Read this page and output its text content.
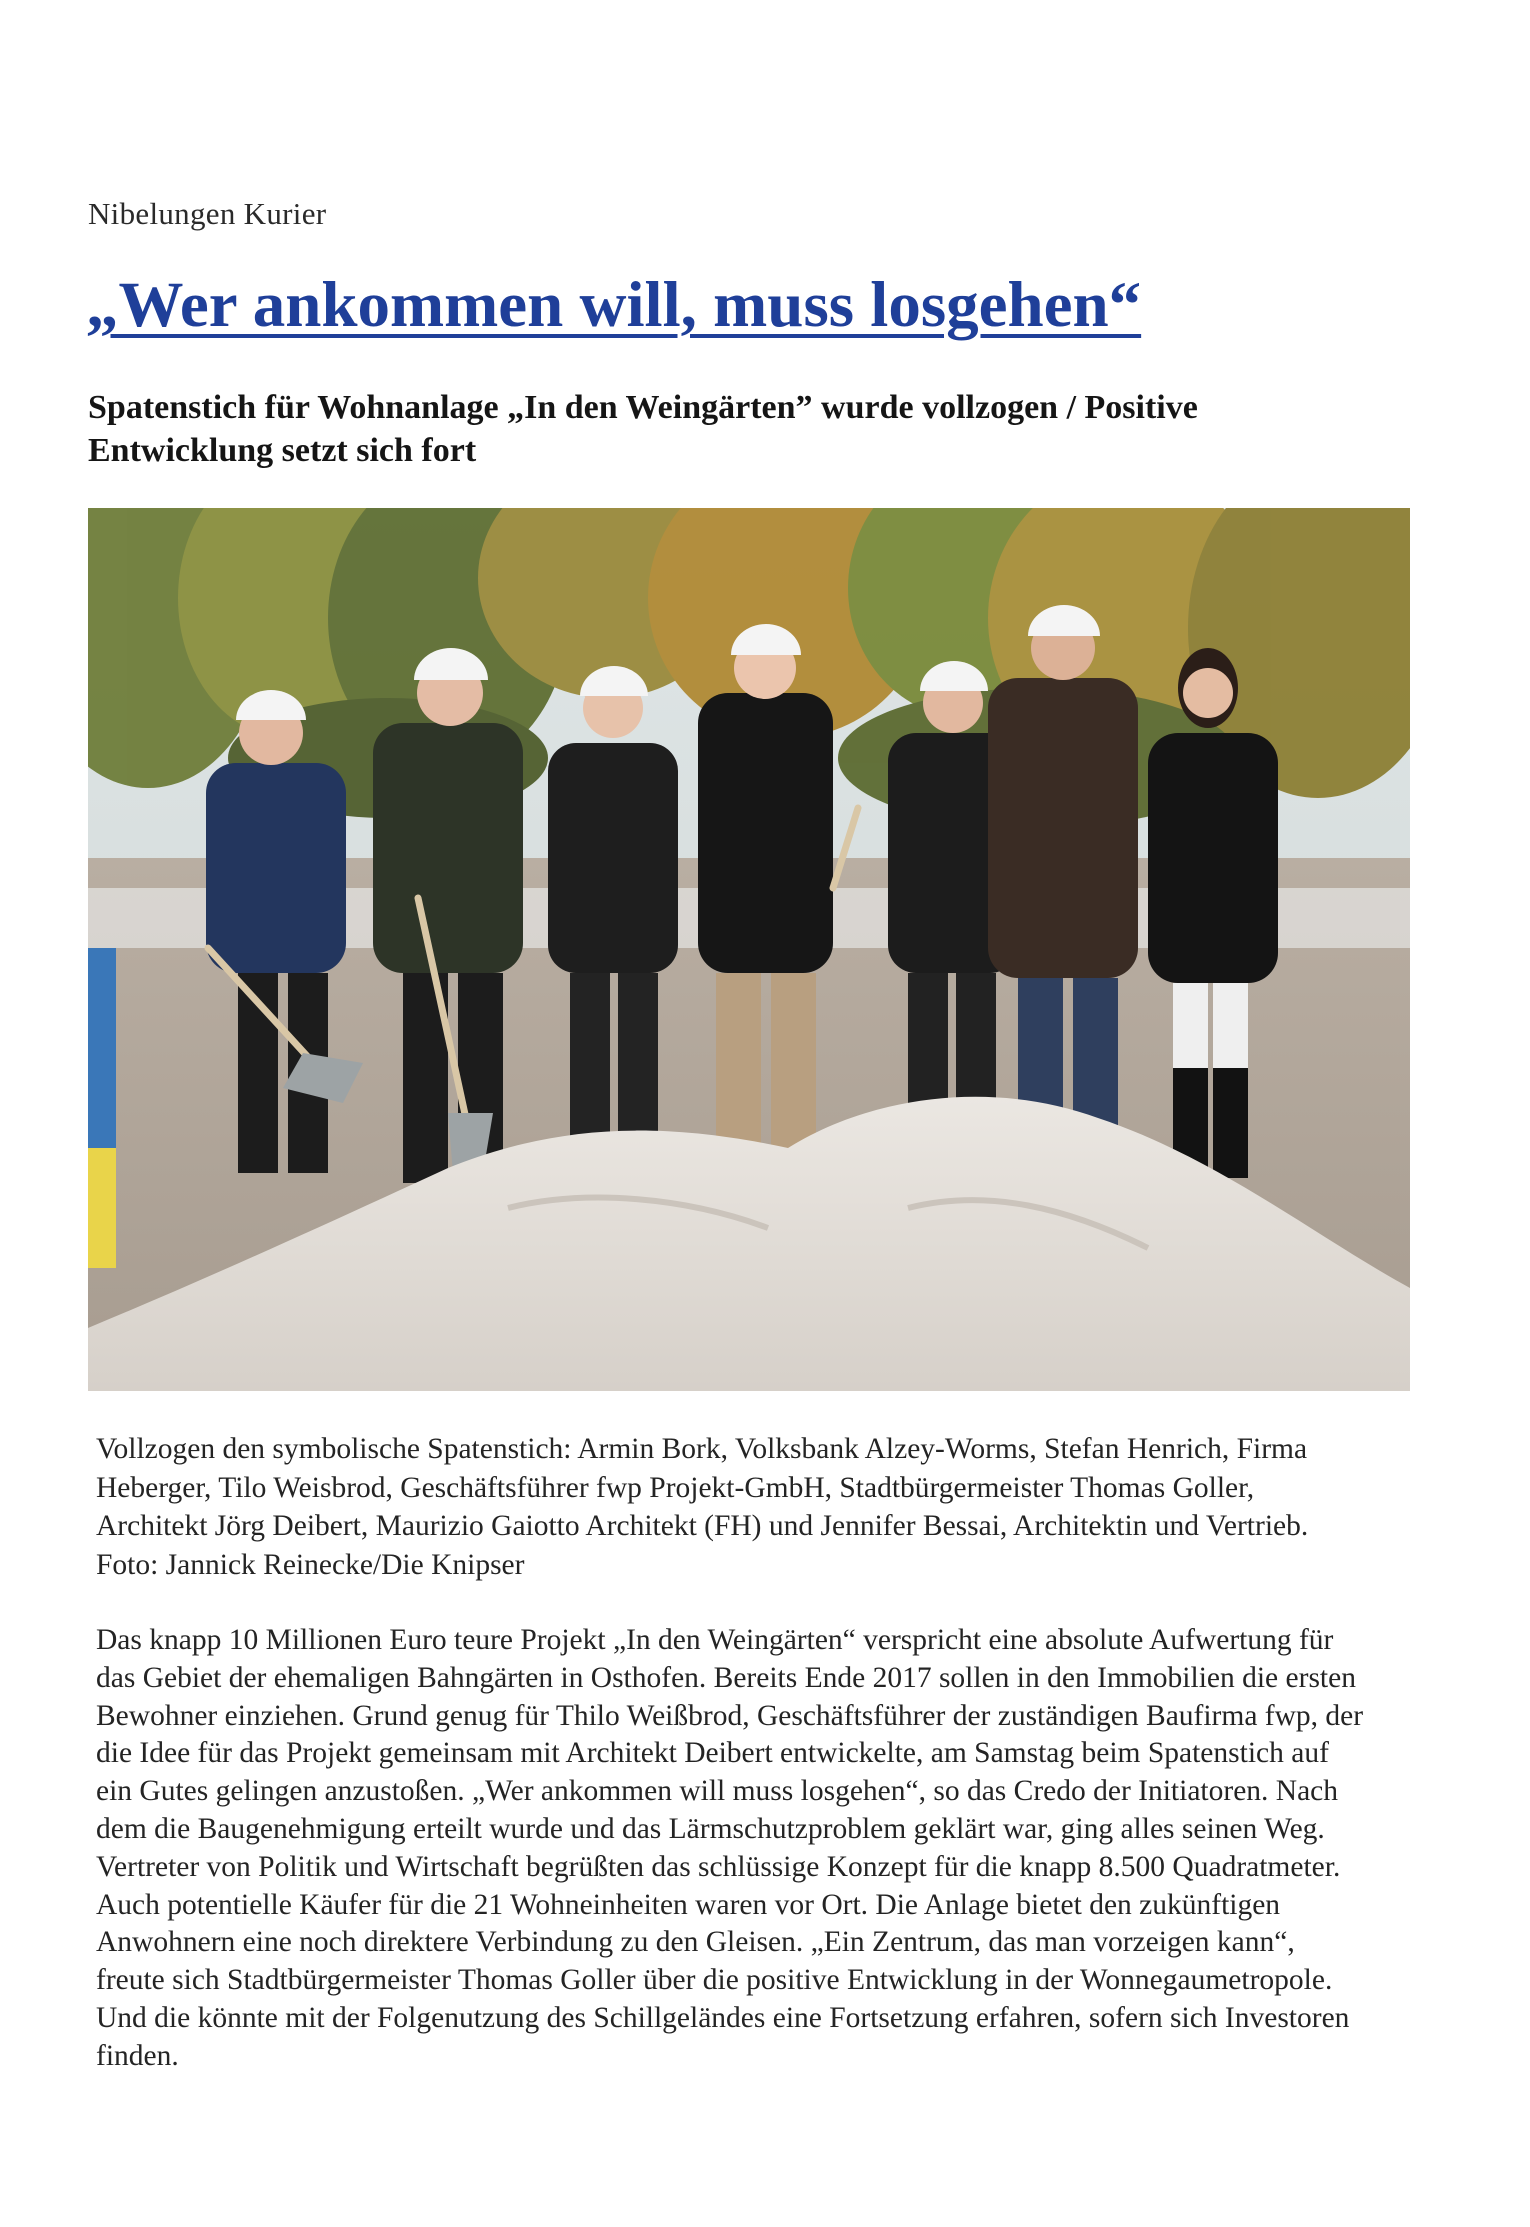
Nibelungen Kurier
„Wer ankommen will, muss losgehen“
Spatenstich für Wohnanlage „In den Weingärten” wurde vollzogen / Positive Entwicklung setzt sich fort

Vollzogen den symbolische Spatenstich: Armin Bork, Volksbank Alzey-Worms, Stefan Henrich, Firma Heberger, Tilo Weisbrod, Geschäftsführer fwp Projekt-GmbH, Stadtbürgermeister Thomas Goller, Architekt Jörg Deibert, Maurizio Gaiotto Architekt (FH) und Jennifer Bessai, Architektin und Vertrieb. Foto: Jannick Reinecke/Die Knipser

Das knapp 10 Millionen Euro teure Projekt „In den Weingärten“ verspricht eine absolute Aufwertung für das Gebiet der ehemaligen Bahngärten in Osthofen. Bereits Ende 2017 sollen in den Immobilien die ersten Bewohner einziehen. Grund genug für Thilo Weißbrod, Geschäftsführer der zuständigen Baufirma fwp, der die Idee für das Projekt gemeinsam mit Architekt Deibert entwickelte, am Samstag beim Spatenstich auf ein Gutes gelingen anzustoßen. „Wer ankommen will muss losgehen“, so das Credo der Initiatoren. Nach dem die Baugenehmigung erteilt wurde und das Lärmschutzproblem geklärt war, ging alles seinen Weg. Vertreter von Politik und Wirtschaft begrüßten das schlüssige Konzept für die knapp 8.500 Quadratmeter. Auch potentielle Käufer für die 21 Wohneinheiten waren vor Ort. Die Anlage bietet den zukünftigen Anwohnern eine noch direktere Verbindung zu den Gleisen. „Ein Zentrum, das man vorzeigen kann“, freute sich Stadtbürgermeister Thomas Goller über die positive Entwicklung in der Wonnegaumetropole. Und die könnte mit der Folgenutzung des Schillgeländes eine Fortsetzung erfahren, sofern sich Investoren finden.
